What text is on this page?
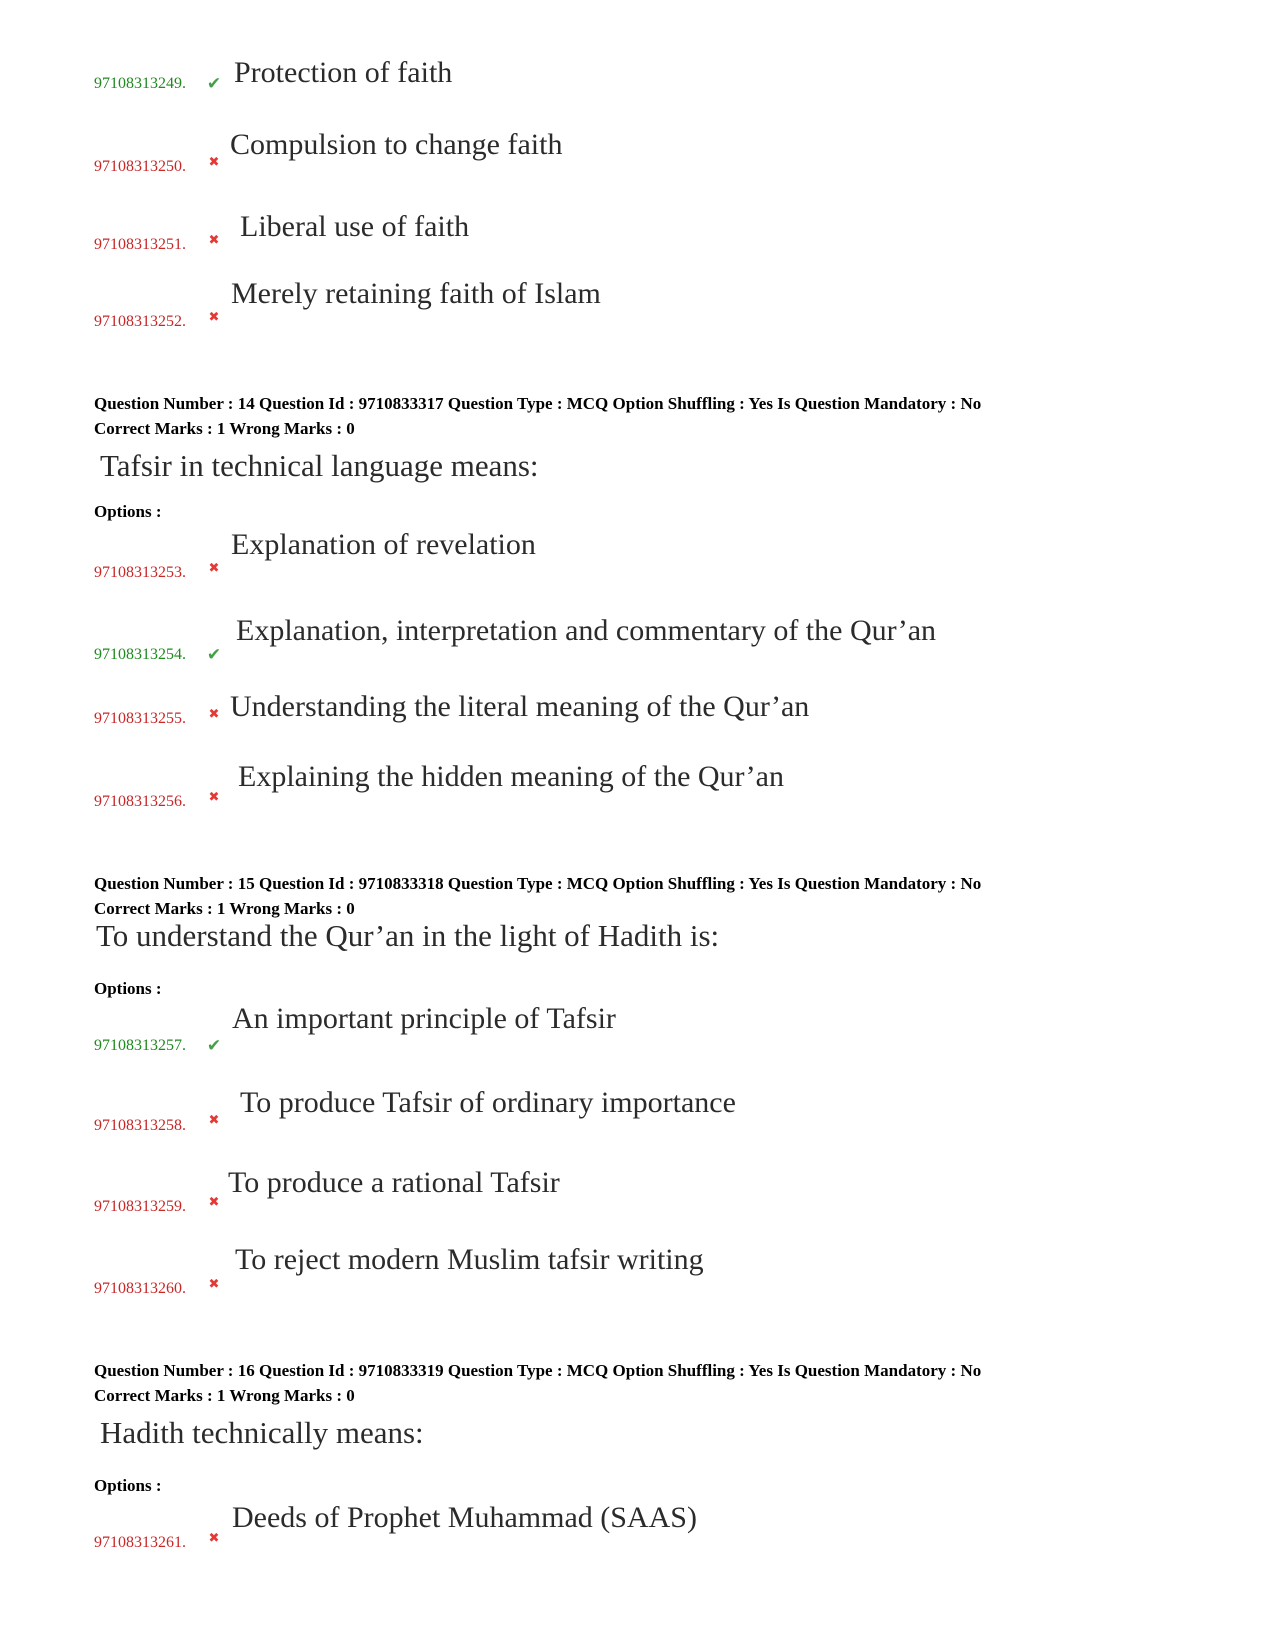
97108313249. ✔ Protection of faith
97108313250. ✖
Compulsion to change faith
97108313251. ✖ Liberal use of faith
97108313252. ✖
Merely retaining faith of Islam
Question Number : 14 Question Id : 9710833317 Question Type : MCQ Option Shuffling : Yes Is Question Mandatory : No
Correct Marks : 1 Wrong Marks : 0
Tafsir in technical language means:
Options :
97108313253. ✖
Explanation of revelation
97108313254. ✔
Explanation, interpretation and commentary of the Qur’an
97108313255. ✖ Understanding the literal meaning of the Qur’an
97108313256. ✖
Explaining the hidden meaning of the Qur’an
Question Number : 15 Question Id : 9710833318 Question Type : MCQ Option Shuffling : Yes Is Question Mandatory : No
Correct Marks : 1 Wrong Marks : 0
To understand the Qur’an in the light of Hadith is:
Options :
97108313257. ✔
An important principle of Tafsir
97108313258. ✖
To produce Tafsir of ordinary importance
97108313259. ✖
To produce a rational Tafsir
97108313260. ✖
To reject modern Muslim tafsir writing
Question Number : 16 Question Id : 9710833319 Question Type : MCQ Option Shuffling : Yes Is Question Mandatory : No
Correct Marks : 1 Wrong Marks : 0
Hadith technically means:
Options :
97108313261. ✖
Deeds of Prophet Muhammad (SAAS)
